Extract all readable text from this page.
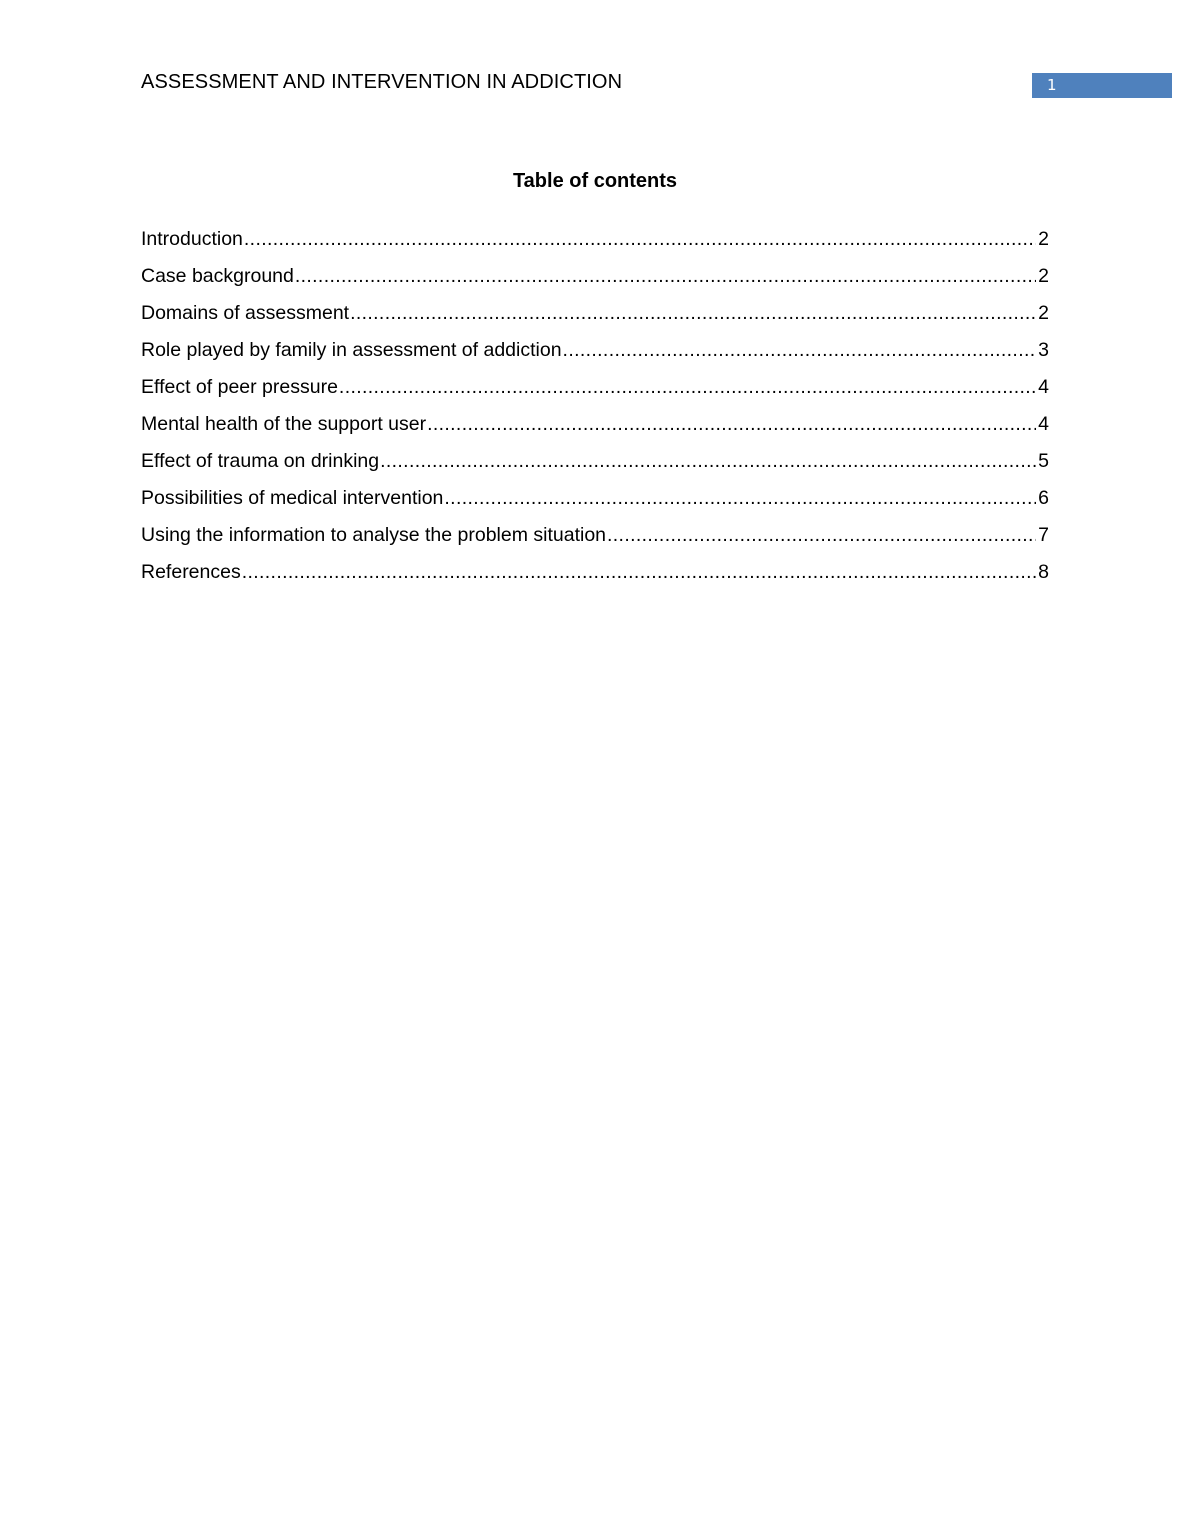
ASSESSMENT AND INTERVENTION IN ADDICTION	1
Table of contents
Introduction .....	2
Case background .....	2
Domains of assessment .....	2
Role played by family in assessment of addiction .....	3
Effect of peer pressure .....	4
Mental health of the support user .....	4
Effect of trauma on drinking .....	5
Possibilities of medical intervention .....	6
Using the information to analyse the problem situation .....	7
References .....	8
